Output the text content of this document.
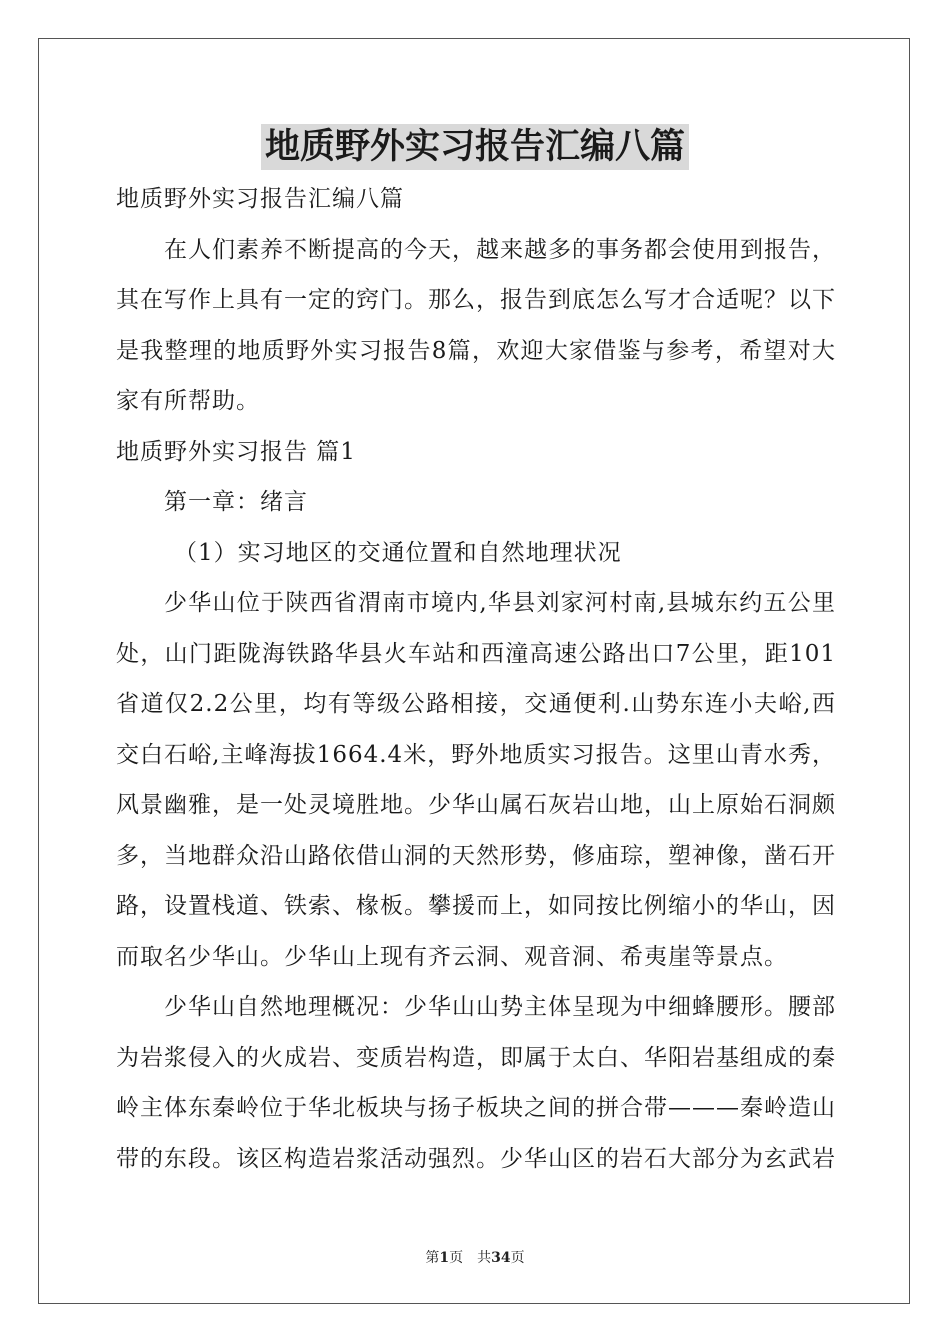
地质野外实习报告汇编八篇

地质野外实习报告汇编八篇

在人们素养不断提高的今天，越来越多的事务都会使用到报告，其在写作上具有一定的窍门。那么，报告到底怎么写才合适呢？以下是我整理的地质野外实习报告8篇，欢迎大家借鉴与参考，希望对大家有所帮助。

地质野外实习报告 篇1

第一章：绪言

（1）实习地区的交通位置和自然地理状况

少华山位于陕西省渭南市境内,华县刘家河村南,县城东约五公里处，山门距陇海铁路华县火车站和西潼高速公路出口7公里，距101省道仅2.2公里，均有等级公路相接，交通便利.山势东连小夫峪,西交白石峪,主峰海拔1664.4米，野外地质实习报告。这里山青水秀，风景幽雅，是一处灵境胜地。少华山属石灰岩山地，山上原始石洞颇多，当地群众沿山路依借山洞的天然形势，修庙琮，塑神像，凿石开路，设置栈道、铁索、椽板。攀援而上，如同按比例缩小的华山，因而取名少华山。少华山上现有齐云洞、观音洞、希夷崖等景点。

少华山自然地理概况：少华山山势主体呈现为中细蜂腰形。腰部为岩浆侵入的火成岩、变质岩构造，即属于太白、华阳岩基组成的秦岭主体东秦岭位于华北板块与扬子板块之间的拼合带———秦岭造山带的东段。该区构造岩浆活动强烈。少华山区的岩石大部分为玄武岩

第1页　共34页
